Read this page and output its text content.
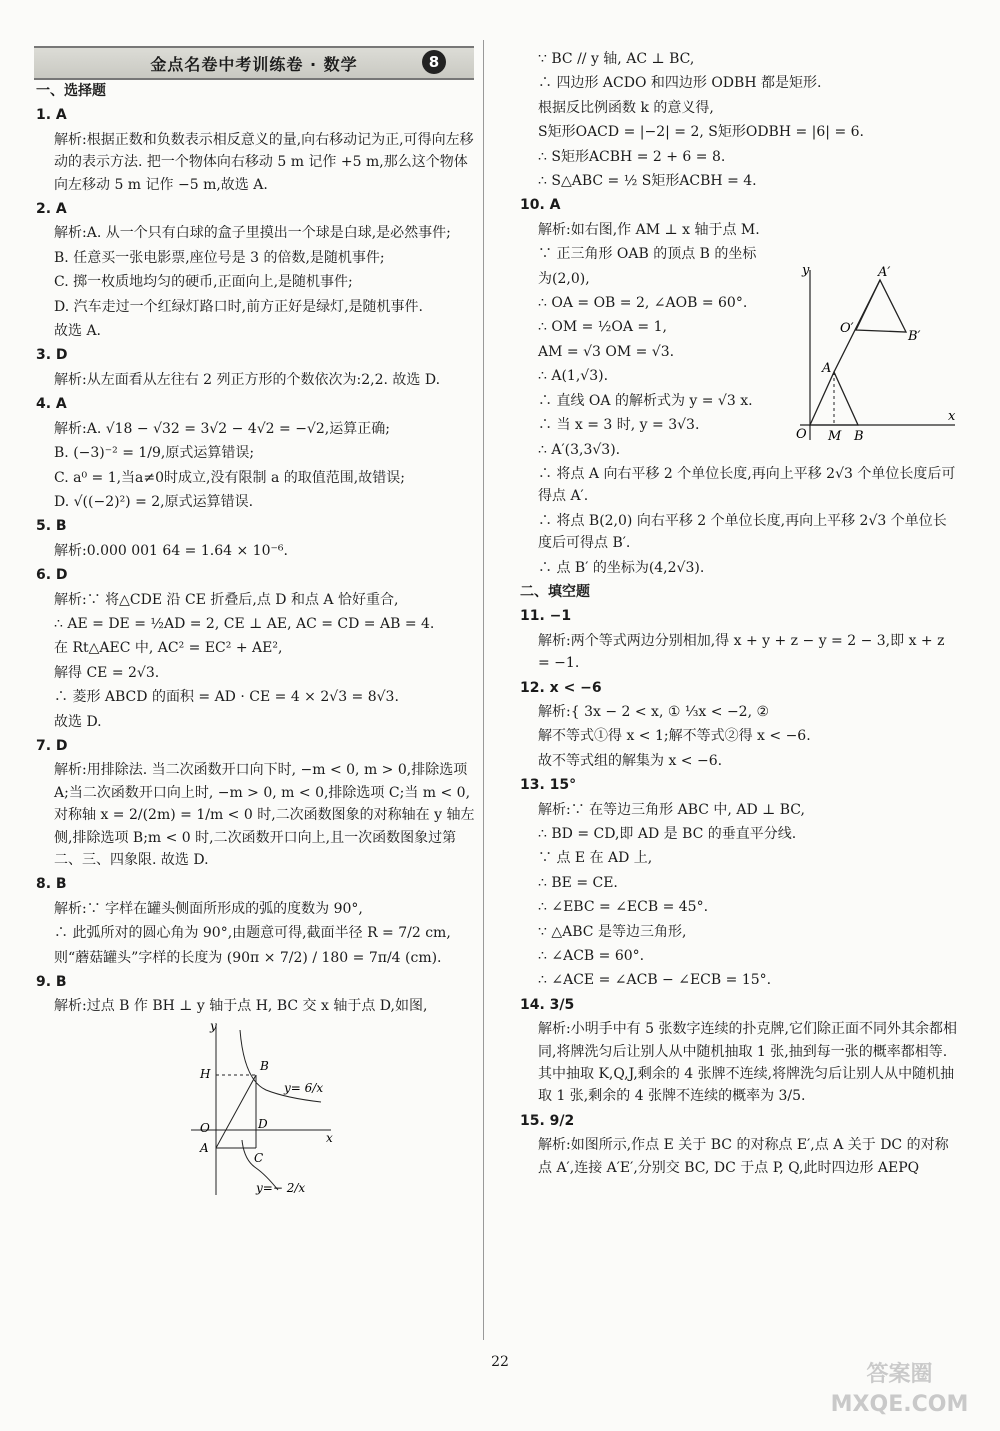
金点名卷中考训练卷 · 数学	8

一、选择题

1. A

解析:根据正数和负数表示相反意义的量,向右移动记为正,可得向左移动的表示方法. 把一个物体向右移动 5 m 记作 +5 m,那么这个物体向左移动 5 m 记作 −5 m,故选 A.

2. A

解析:A. 从一个只有白球的盒子里摸出一个球是白球,是必然事件;

B. 任意买一张电影票,座位号是 3 的倍数,是随机事件;

C. 掷一枚质地均匀的硬币,正面向上,是随机事件;

D. 汽车走过一个红绿灯路口时,前方正好是绿灯,是随机事件.

故选 A.

3. D

解析:从左面看从左往右 2 列正方形的个数依次为:2,2. 故选 D.

4. A

解析:A. √18 − √32 = 3√2 − 4√2 = −√2,运算正确;

B. (−3)⁻² = 1/9,原式运算错误;

C. a⁰ = 1,当a≠0时成立,没有限制 a 的取值范围,故错误;

D. √((−2)²) = 2,原式运算错误.

5. B

解析:0.000 001 64 = 1.64 × 10⁻⁶.

6. D

解析:∵ 将△CDE 沿 CE 折叠后,点 D 和点 A 恰好重合,

∴ AE = DE = ½AD = 2, CE ⊥ AE, AC = CD = AB = 4.

在 Rt△AEC 中, AC² = EC² + AE²,

解得 CE = 2√3.

∴ 菱形 ABCD 的面积 = AD · CE = 4 × 2√3 = 8√3.

故选 D.

7. D

解析:用排除法. 当二次函数开口向下时, −m < 0, m > 0,排除选项 A;当二次函数开口向上时, −m > 0, m < 0,排除选项 C;当 m < 0,对称轴 x = 2/(2m) = 1/m < 0 时,二次函数图象的对称轴在 y 轴左侧,排除选项 B;m < 0 时,二次函数开口向上,且一次函数图象过第二、三、四象限. 故选 D.

8. B

解析:∵ 字样在罐头侧面所形成的弧的度数为 90°,

∴ 此弧所对的圆心角为 90°,由题意可得,截面半径 R = 7/2 cm,

则“蘑菇罐头”字样的长度为 (90π × 7/2) / 180 = 7π/4 (cm).

9. B

解析:过点 B 作 BH ⊥ y 轴于点 H, BC 交 x 轴于点 D,如图,

y
x
H
B
O	D
A
C
y= 6/x
y=− 2/x

∵ BC // y 轴, AC ⊥ BC,

∴ 四边形 ACDO 和四边形 ODBH 都是矩形.

根据反比例函数 k 的意义得,

S矩形OACD = |−2| = 2, S矩形ODBH = |6| = 6.

∴ S矩形ACBH = 2 + 6 = 8.

∴ S△ABC = ½ S矩形ACBH = 4.

10. A

解析:如右图,作 AM ⊥ x 轴于点 M.

∵ 正三角形 OAB 的顶点 B 的坐标

为(2,0),

∴ OA = OB = 2, ∠AOB = 60°.

∴ OM = ½OA = 1,

AM = √3 OM = √3.

∴ A(1,√3).

∴ 直线 OA 的解析式为 y = √3 x.

∴ 当 x = 3 时, y = 3√3.

∴ A′(3,3√3).

∴ 将点 A 向右平移 2 个单位长度,再向上平移 2√3 个单位长度后可得点 A′.

∴ 将点 B(2,0) 向右平移 2 个单位长度,再向上平移 2√3 个单位长度后可得点 B′.

∴ 点 B′ 的坐标为(4,2√3).

二、填空题

11. −1

解析:两个等式两边分别相加,得 x + y + z − y = 2 − 3,即 x + z = −1.

12. x < −6

解析:{ 3x − 2 < x, ① ⅓x < −2, ②

解不等式①得 x < 1;解不等式②得 x < −6.

故不等式组的解集为 x < −6.

13. 15°

解析:∵ 在等边三角形 ABC 中, AD ⊥ BC,

∴ BD = CD,即 AD 是 BC 的垂直平分线.

∵ 点 E 在 AD 上,

∴ BE = CE.

∴ ∠EBC = ∠ECB = 45°.

∵ △ABC 是等边三角形,

∴ ∠ACB = 60°.

∴ ∠ACE = ∠ACB − ∠ECB = 15°.

14. 3/5

解析:小明手中有 5 张数字连续的扑克牌,它们除正面不同外其余都相同,将牌洗匀后让别人从中随机抽取 1 张,抽到每一张的概率都相等. 其中抽取 K,Q,J,剩余的 4 张牌不连续,将牌洗匀后让别人从中随机抽取 1 张,剩余的 4 张牌不连续的概率为 3/5.

15. 9/2

解析:如图所示,作点 E 关于 BC 的对称点 E′,点 A 关于 DC 的对称点 A′,连接 A′E′,分别交 BC, DC 于点 P, Q,此时四边形 AEPQ

y
x
A′
O′
B′
A
O M B
22	答案圈
MXQE.COM
